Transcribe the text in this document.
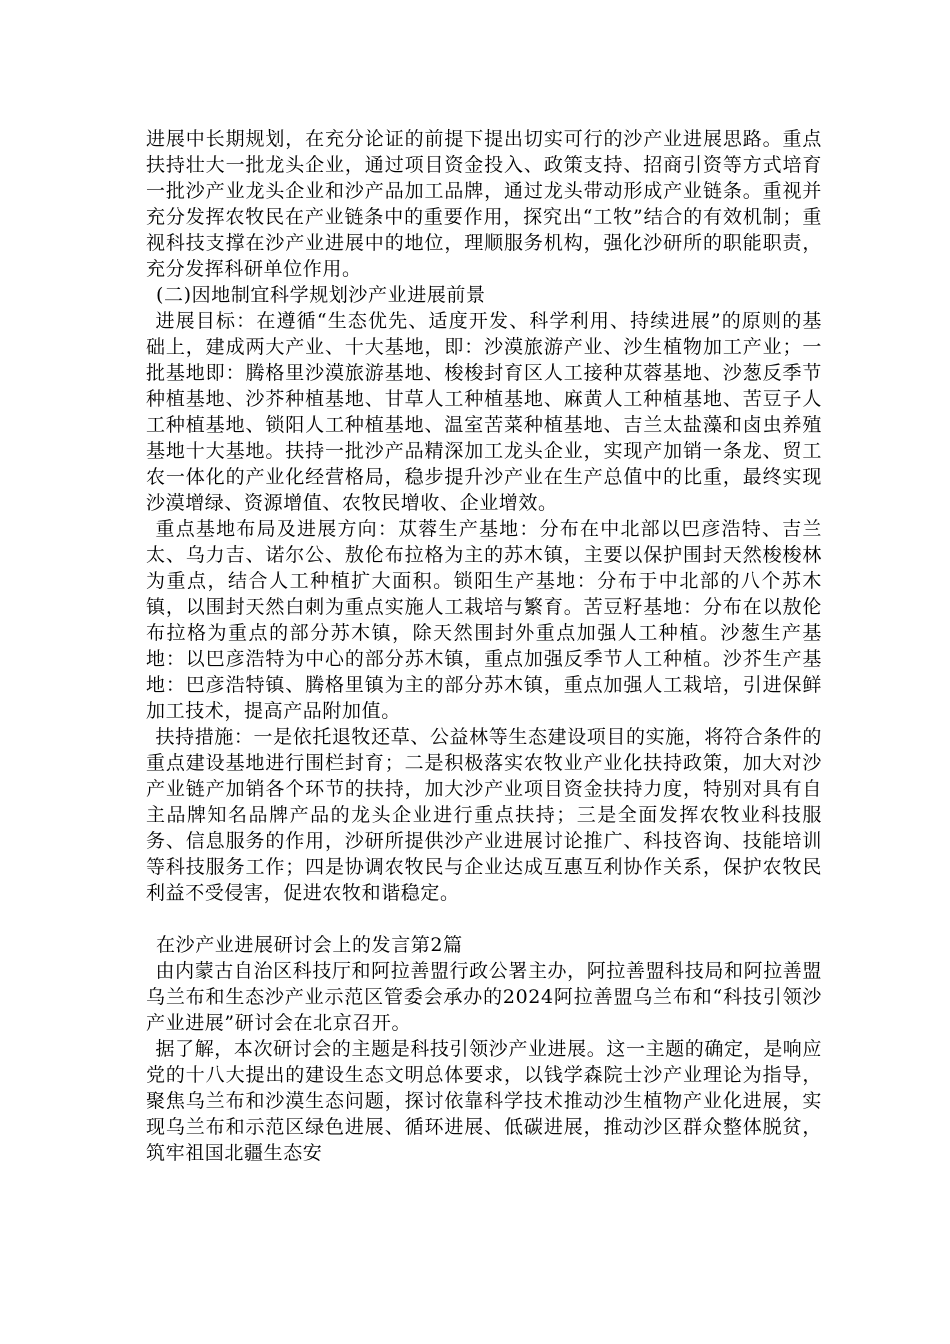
进展中长期规划，在充分论证的前提下提出切实可行的沙产业进展思路。重点扶持壮大一批龙头企业，通过项目资金投入、政策支持、招商引资等方式培育一批沙产业龙头企业和沙产品加工品牌，通过龙头带动形成产业链条。重视并充分发挥农牧民在产业链条中的重要作用，探究出“工牧”结合的有效机制；重视科技支撑在沙产业进展中的地位，理顺服务机构，强化沙研所的职能职责，充分发挥科研单位作用。

(二)因地制宜科学规划沙产业进展前景

进展目标：在遵循“生态优先、适度开发、科学利用、持续进展”的原则的基础上，建成两大产业、十大基地，即：沙漠旅游产业、沙生植物加工产业；一批基地即：腾格里沙漠旅游基地、梭梭封育区人工接种苁蓉基地、沙葱反季节种植基地、沙芥种植基地、甘草人工种植基地、麻黄人工种植基地、苦豆子人工种植基地、锁阳人工种植基地、温室苦菜种植基地、吉兰太盐藻和卤虫养殖基地十大基地。扶持一批沙产品精深加工龙头企业，实现产加销一条龙、贸工农一体化的产业化经营格局，稳步提升沙产业在生产总值中的比重，最终实现沙漠增绿、资源增值、农牧民增收、企业增效。

重点基地布局及进展方向：苁蓉生产基地：分布在中北部以巴彦浩特、吉兰太、乌力吉、诺尔公、敖伦布拉格为主的苏木镇，主要以保护围封天然梭梭林为重点，结合人工种植扩大面积。锁阳生产基地：分布于中北部的八个苏木镇，以围封天然白刺为重点实施人工栽培与繁育。苦豆籽基地：分布在以敖伦布拉格为重点的部分苏木镇，除天然围封外重点加强人工种植。沙葱生产基地：以巴彦浩特为中心的部分苏木镇，重点加强反季节人工种植。沙芥生产基地：巴彦浩特镇、腾格里镇为主的部分苏木镇，重点加强人工栽培，引进保鲜加工技术，提高产品附加值。

扶持措施：一是依托退牧还草、公益林等生态建设项目的实施，将符合条件的重点建设基地进行围栏封育；二是积极落实农牧业产业化扶持政策，加大对沙产业链产加销各个环节的扶持，加大沙产业项目资金扶持力度，特别对具有自主品牌知名品牌产品的龙头企业进行重点扶持；三是全面发挥农牧业科技服务、信息服务的作用，沙研所提供沙产业进展讨论推广、科技咨询、技能培训等科技服务工作；四是协调农牧民与企业达成互惠互利协作关系，保护农牧民利益不受侵害，促进农牧和谐稳定。

在沙产业进展研讨会上的发言第2篇

由内蒙古自治区科技厅和阿拉善盟行政公署主办，阿拉善盟科技局和阿拉善盟乌兰布和生态沙产业示范区管委会承办的2024阿拉善盟乌兰布和“科技引领沙产业进展”研讨会在北京召开。

据了解，本次研讨会的主题是科技引领沙产业进展。这一主题的确定，是响应党的十八大提出的建设生态文明总体要求，以钱学森院士沙产业理论为指导，聚焦乌兰布和沙漠生态问题，探讨依靠科学技术推动沙生植物产业化进展，实现乌兰布和示范区绿色进展、循环进展、低碳进展，推动沙区群众整体脱贫，筑牢祖国北疆生态安
